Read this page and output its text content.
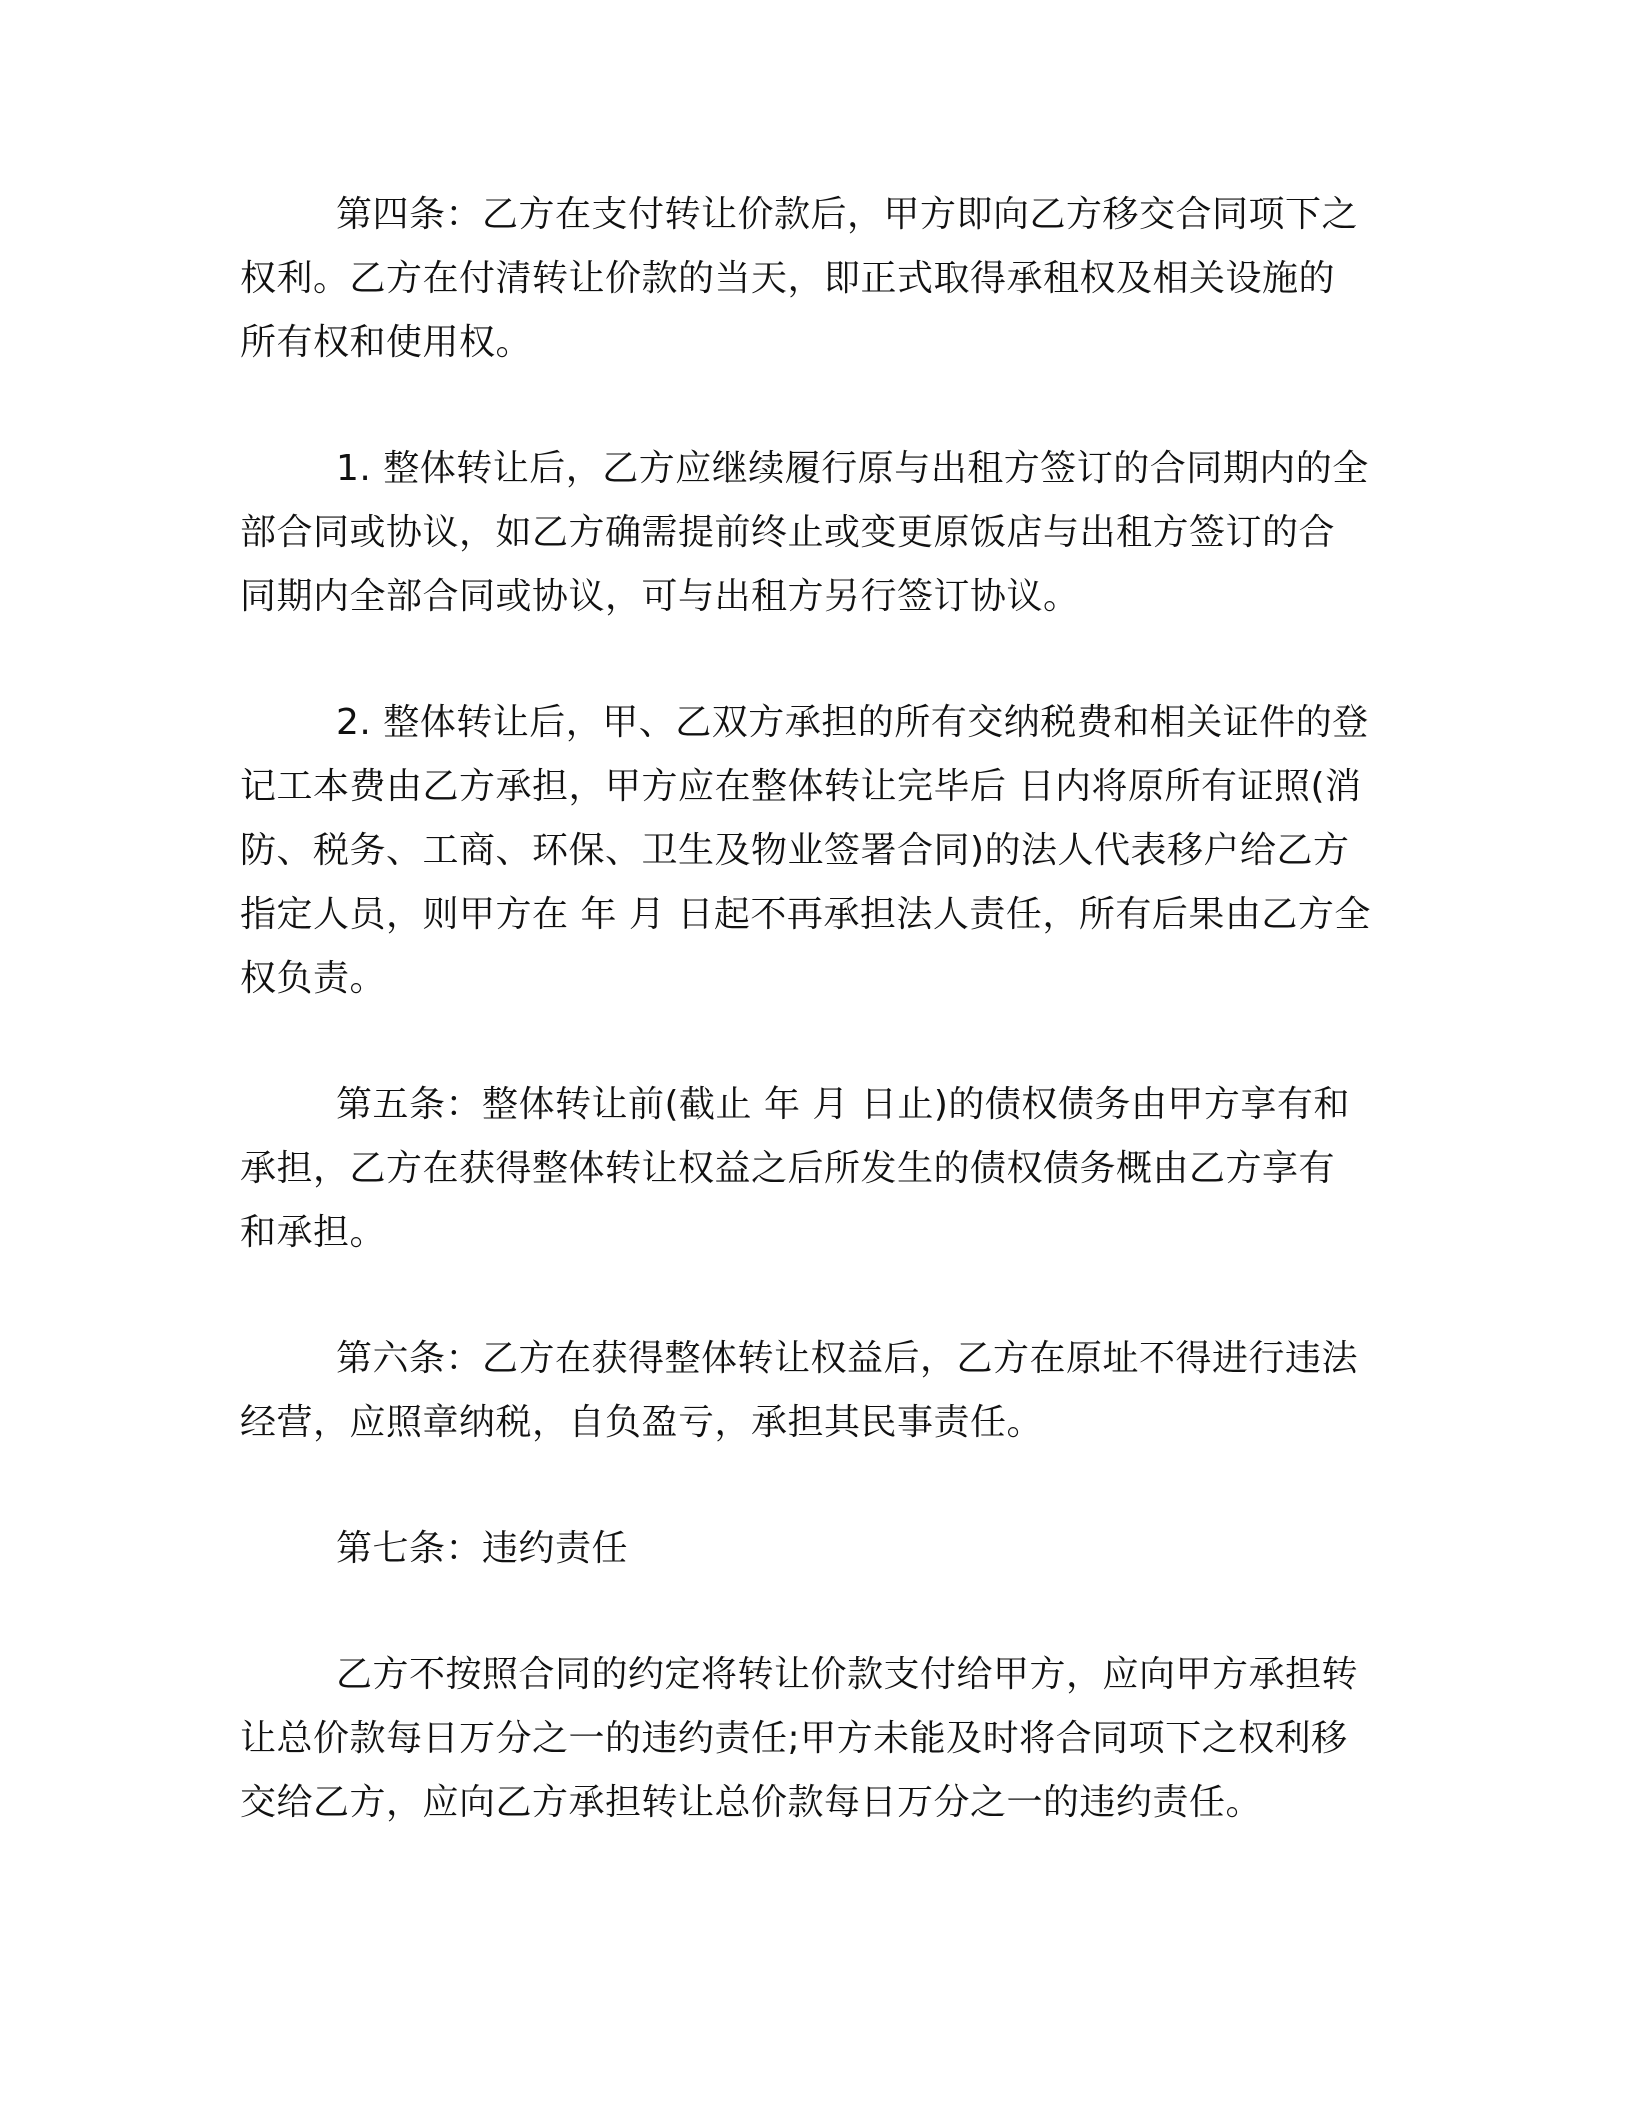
第四条：乙方在支付转让价款后，甲方即向乙方移交合同项下之
权利。乙方在付清转让价款的当天，即正式取得承租权及相关设施的
所有权和使用权。
1. 整体转让后，乙方应继续履行原与出租方签订的合同期内的全
部合同或协议，如乙方确需提前终止或变更原饭店与出租方签订的合
同期内全部合同或协议，可与出租方另行签订协议。
2. 整体转让后，甲、乙双方承担的所有交纳税费和相关证件的登
记工本费由乙方承担，甲方应在整体转让完毕后 日内将原所有证照(消
防、税务、工商、环保、卫生及物业签署合同)的法人代表移户给乙方
指定人员，则甲方在 年 月 日起不再承担法人责任，所有后果由乙方全
权负责。
第五条：整体转让前(截止 年 月 日止)的债权债务由甲方享有和
承担，乙方在获得整体转让权益之后所发生的债权债务概由乙方享有
和承担。
第六条：乙方在获得整体转让权益后，乙方在原址不得进行违法
经营，应照章纳税，自负盈亏，承担其民事责任。
第七条：违约责任
乙方不按照合同的约定将转让价款支付给甲方，应向甲方承担转
让总价款每日万分之一的违约责任;甲方未能及时将合同项下之权利移
交给乙方，应向乙方承担转让总价款每日万分之一的违约责任。
